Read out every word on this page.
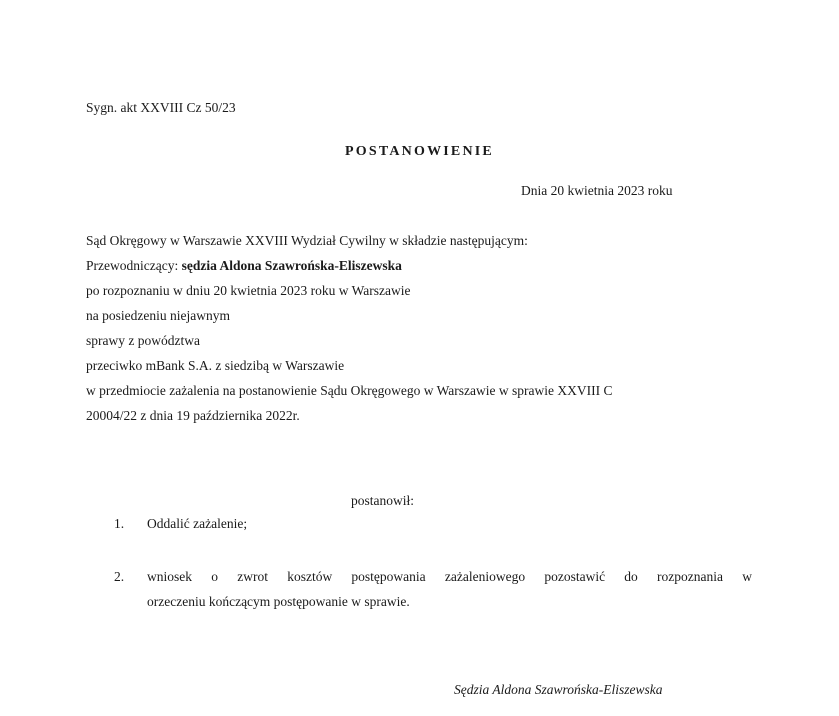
Sygn. akt XXVIII Cz 50/23
POSTANOWIENIE
Dnia 20 kwietnia 2023 roku
Sąd Okręgowy w Warszawie XXVIII Wydział Cywilny w składzie następującym:
Przewodniczący: sędzia Aldona Szawrońska-Eliszewska
po rozpoznaniu w dniu 20 kwietnia 2023 roku w Warszawie
na posiedzeniu niejawnym
sprawy z powództwa
przeciwko mBank S.A. z siedzibą w Warszawie
w przedmiocie zażalenia na postanowienie Sądu Okręgowego w Warszawie w sprawie XXVIII C
20004/22 z dnia 19 października 2022r.
postanowił:
1. Oddalić zażalenie;
2. wniosek o zwrot kosztów postępowania zażaleniowego pozostawić do rozpoznania w
orzeczeniu kończącym postępowanie w sprawie.
Sędzia Aldona Szawrońska-Eliszewska
